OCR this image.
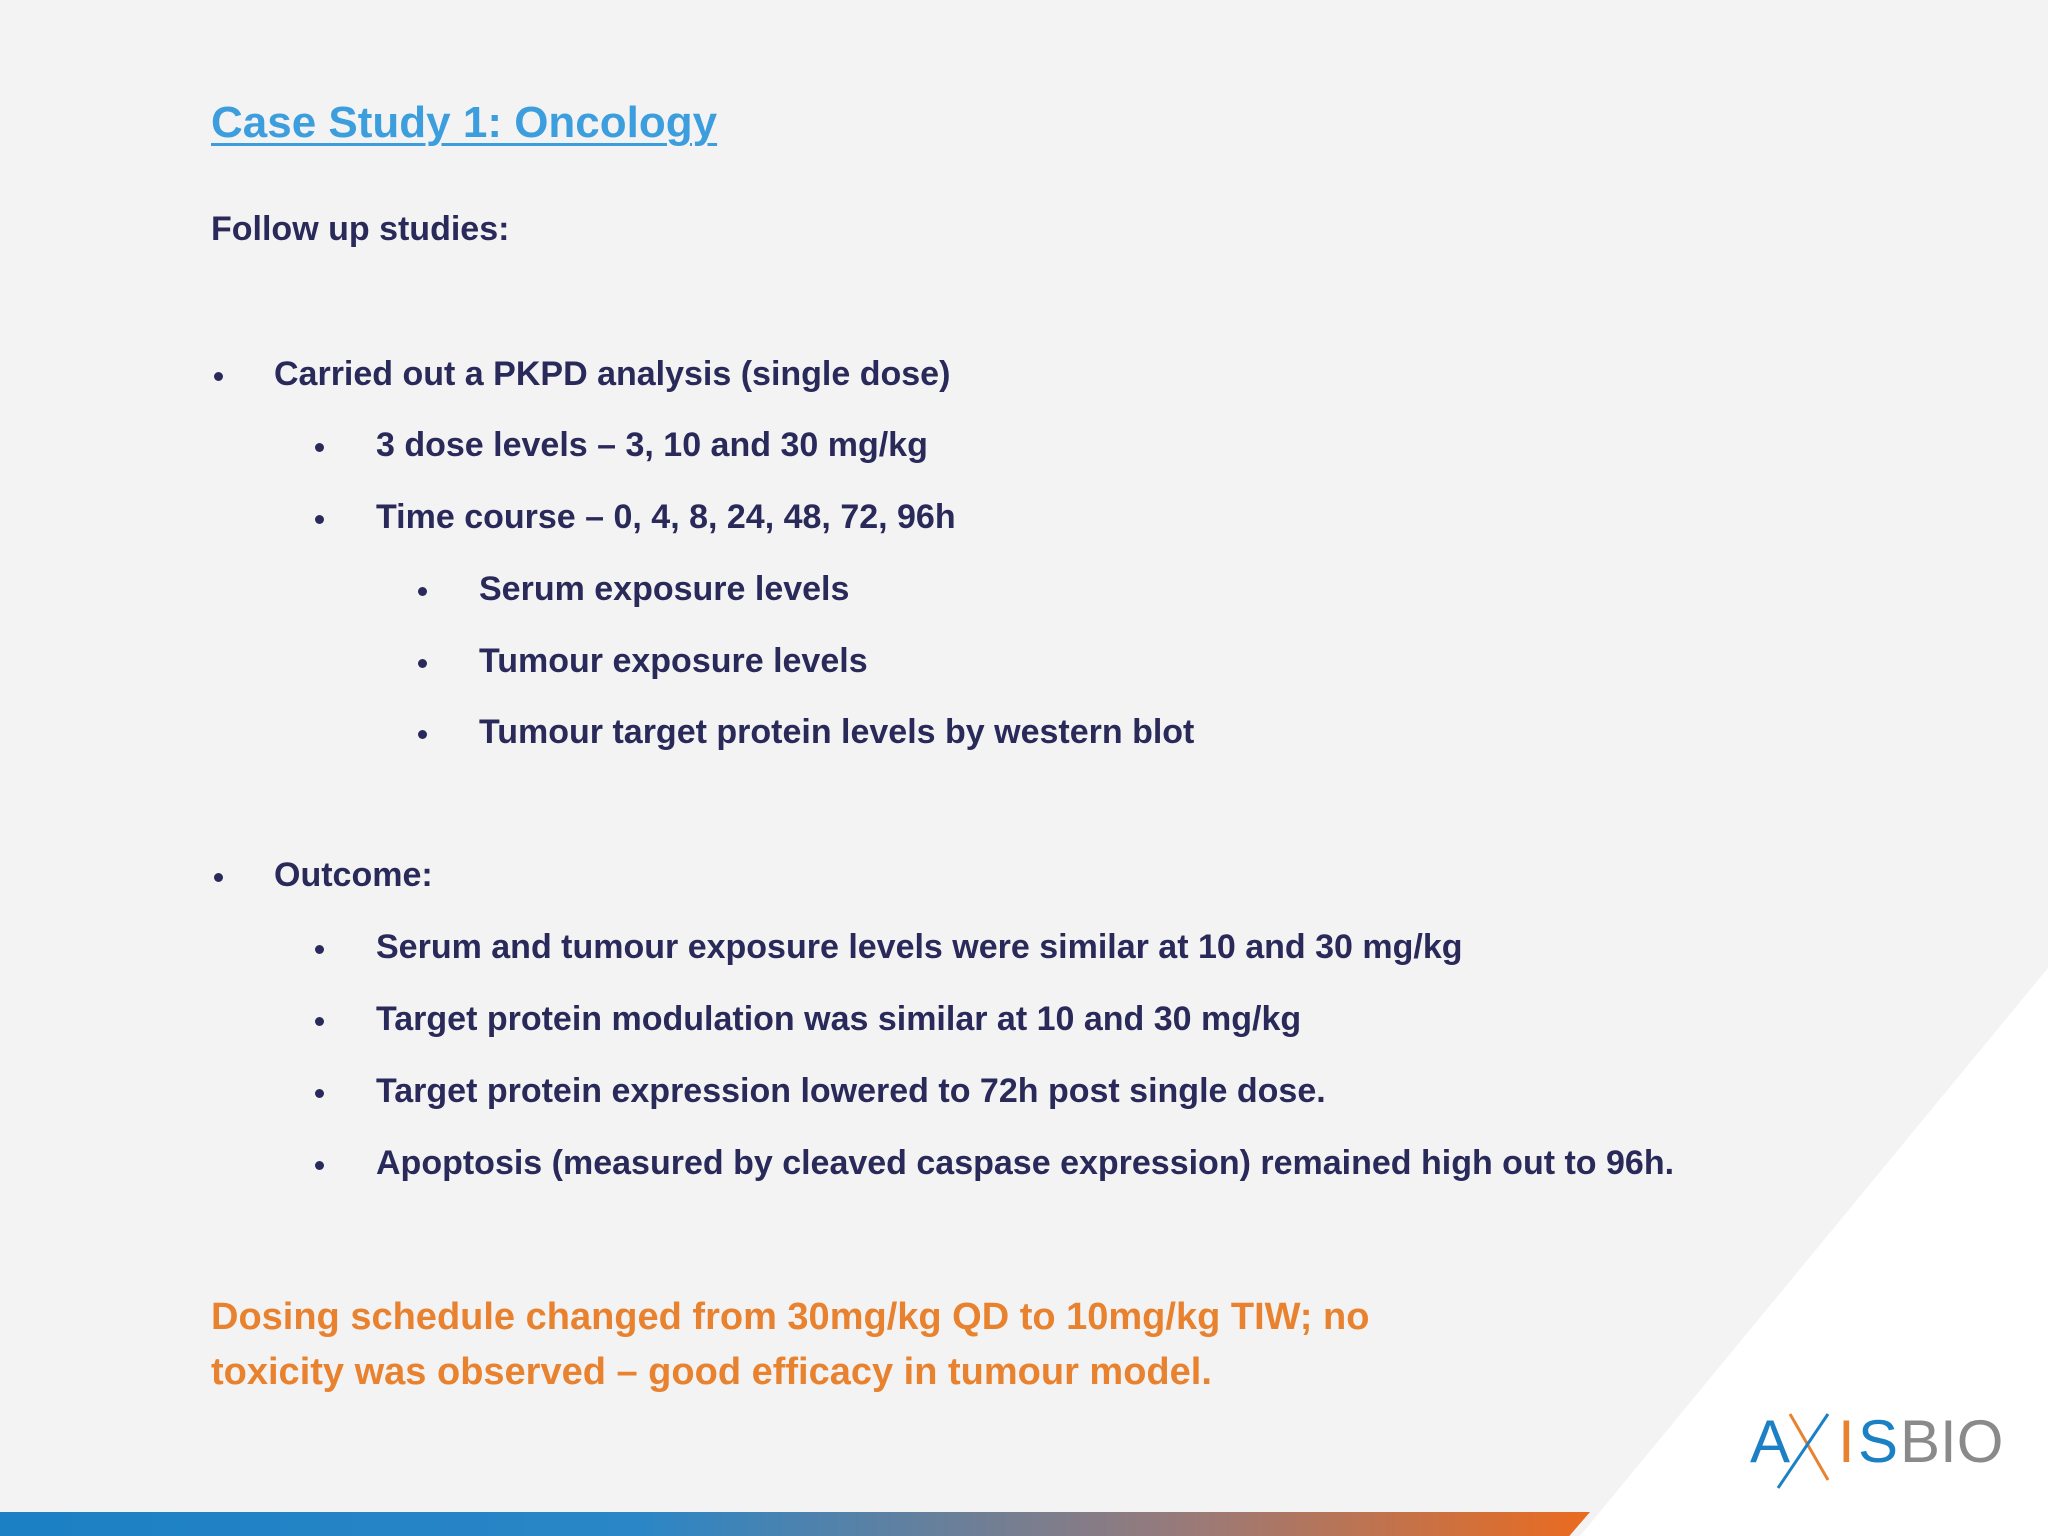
Case Study 1: Oncology
Follow up studies:
Carried out a PKPD analysis (single dose)
3 dose levels – 3, 10 and 30 mg/kg
Time course – 0, 4, 8, 24, 48, 72, 96h
Serum exposure levels
Tumour exposure levels
Tumour target protein levels by western blot
Outcome:
Serum and tumour exposure levels were similar at 10 and 30 mg/kg
Target protein modulation was similar at 10 and 30 mg/kg
Target protein expression lowered to 72h post single dose.
Apoptosis (measured by cleaved caspase expression) remained high out to 96h.
Dosing schedule changed from 30mg/kg QD to 10mg/kg TIW; no
toxicity was observed – good efficacy in tumour model.
A I S BIO
